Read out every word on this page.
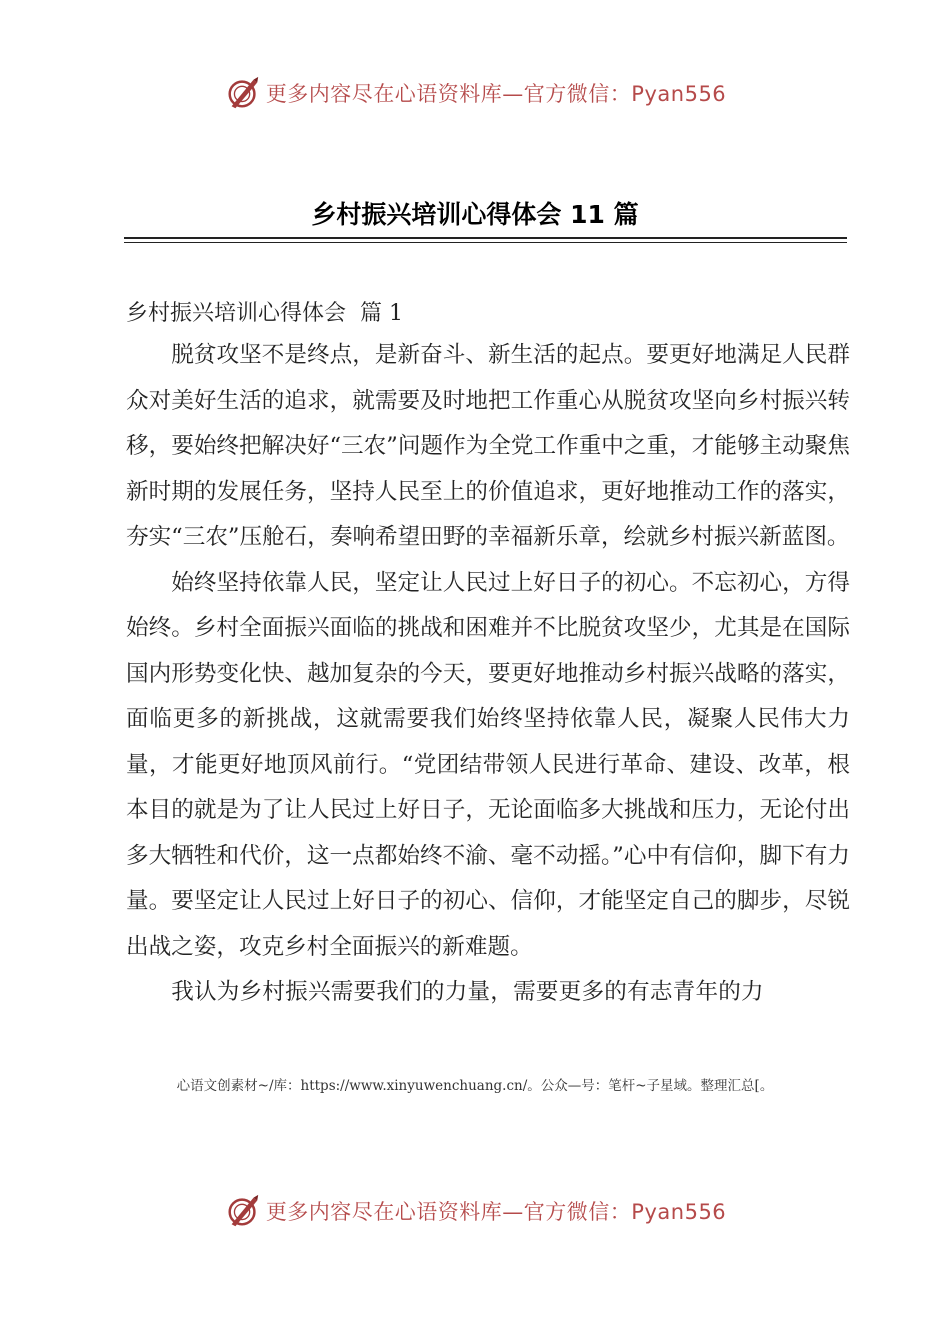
更多内容尽在心语资料库—官方微信：Pyan556
乡村振兴培训心得体会 11 篇
乡村振兴培训心得体会  篇 1

脱贫攻坚不是终点，是新奋斗、新生活的起点。要更好地满足人民群众对美好生活的追求，就需要及时地把工作重心从脱贫攻坚向乡村振兴转移，要始终把解决好“三农”问题作为全党工作重中之重，才能够主动聚焦新时期的发展任务，坚持人民至上的价值追求，更好地推动工作的落实，夯实“三农”压舱石，奏响希望田野的幸福新乐章，绘就乡村振兴新蓝图。

始终坚持依靠人民，坚定让人民过上好日子的初心。不忘初心，方得始终。乡村全面振兴面临的挑战和困难并不比脱贫攻坚少，尤其是在国际国内形势变化快、越加复杂的今天，要更好地推动乡村振兴战略的落实，面临更多的新挑战，这就需要我们始终坚持依靠人民，凝聚人民伟大力量，才能更好地顶风前行。“党团结带领人民进行革命、建设、改革，根本目的就是为了让人民过上好日子，无论面临多大挑战和压力，无论付出多大牺牲和代价，这一点都始终不渝、毫不动摇。”心中有信仰，脚下有力量。要坚定让人民过上好日子的初心、信仰，才能坚定自己的脚步，尽锐出战之姿，攻克乡村全面振兴的新难题。

我认为乡村振兴需要我们的力量，需要更多的有志青年的力

心语文创素材~/库：https://www.xinyuwenchuang.cn/。公众—号：笔杆~子星域。整理汇总[。
更多内容尽在心语资料库—官方微信：Pyan556
